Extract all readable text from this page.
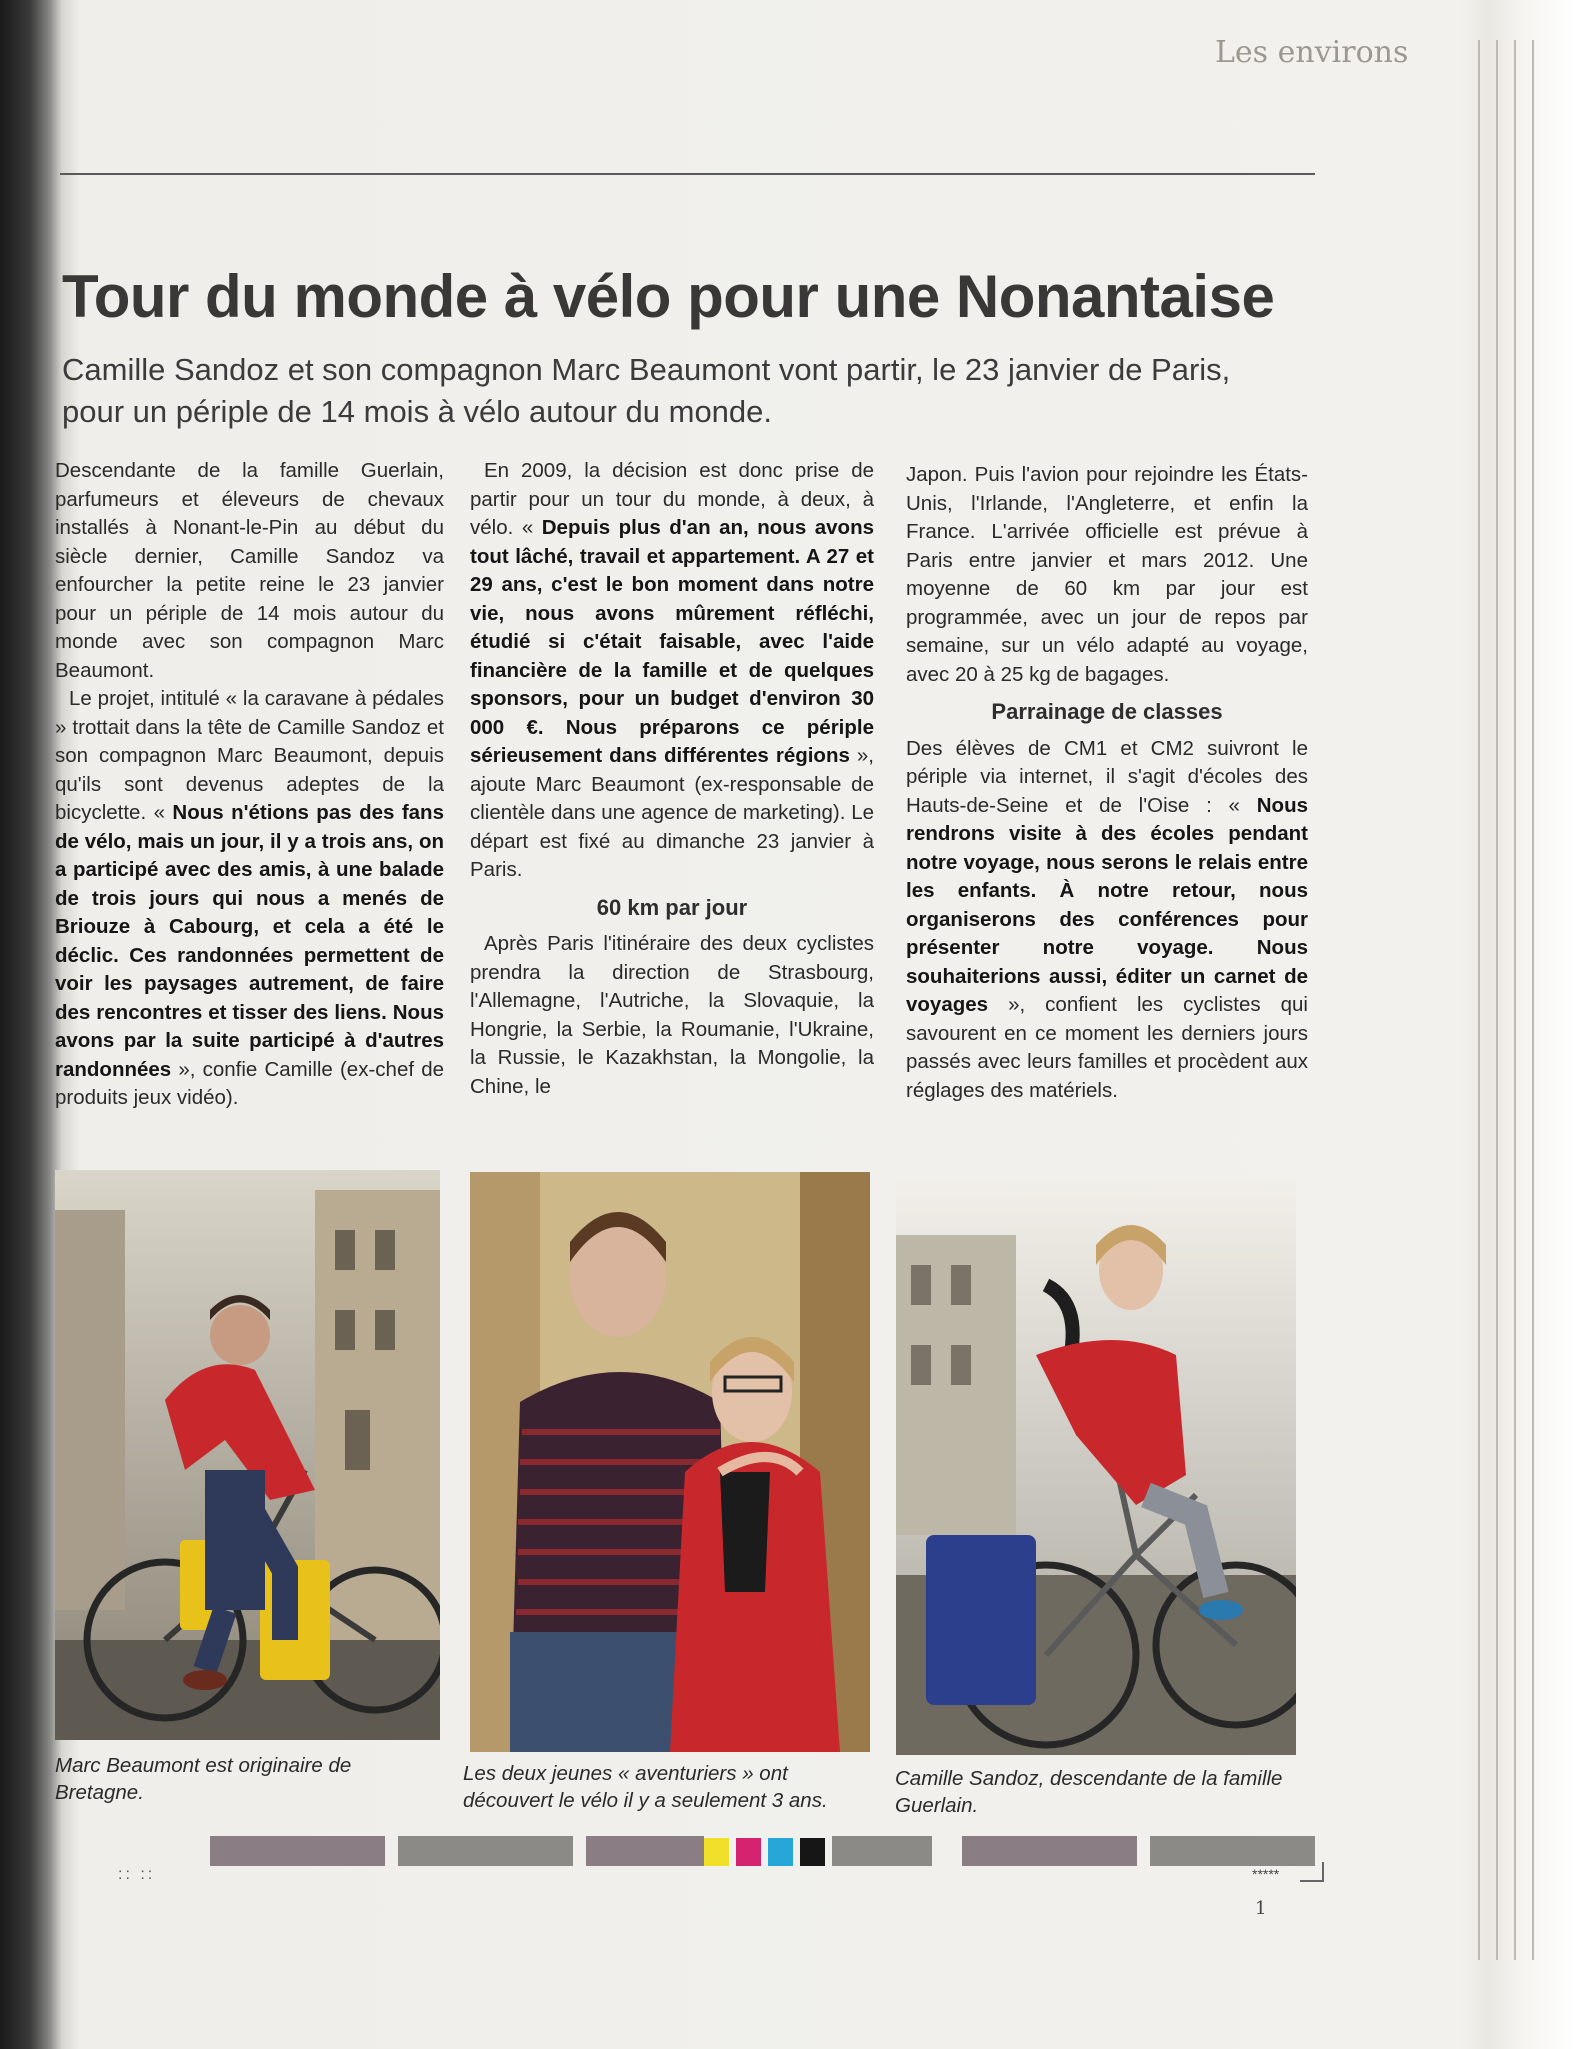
Les environs
Tour du monde à vélo pour une Nonantaise
Camille Sandoz et son compagnon Marc Beaumont vont partir, le 23 janvier de Paris, pour un périple de 14 mois à vélo autour du monde.

Descendante de la famille Guerlain, parfumeurs et éleveurs de chevaux installés à Nonant-le-Pin au début du siècle dernier, Camille Sandoz va enfourcher la petite reine le 23 janvier pour un périple de 14 mois autour du monde avec son compagnon Marc Beaumont.

Le projet, intitulé « la caravane à pédales » trottait dans la tête de Camille Sandoz et son compagnon Marc Beaumont, depuis qu'ils sont devenus adeptes de la bicyclette. « Nous n'étions pas des fans de vélo, mais un jour, il y a trois ans, on a participé avec des amis, à une balade de trois jours qui nous a menés de Briouze à Cabourg, et cela a été le déclic. Ces randonnées permettent de voir les paysages autrement, de faire des rencontres et tisser des liens. Nous avons par la suite participé à d'autres randonnées », confie Camille (ex-chef de produits jeux vidéo).

En 2009, la décision est donc prise de partir pour un tour du monde, à deux, à vélo. « Depuis plus d'an an, nous avons tout lâché, travail et appartement. A 27 et 29 ans, c'est le bon moment dans notre vie, nous avons mûrement réfléchi, étudié si c'était faisable, avec l'aide financière de la famille et de quelques sponsors, pour un budget d'environ 30 000 €. Nous préparons ce périple sérieusement dans différentes régions », ajoute Marc Beaumont (ex-responsable de clientèle dans une agence de marketing). Le départ est fixé au dimanche 23 janvier à Paris.

60 km par jour

Après Paris l'itinéraire des deux cyclistes prendra la direction de Strasbourg, l'Allemagne, l'Autriche, la Slovaquie, la Hongrie, la Serbie, la Roumanie, l'Ukraine, la Russie, le Kazakhstan, la Mongolie, la Chine, le

Japon. Puis l'avion pour rejoindre les États-Unis, l'Irlande, l'Angleterre, et enfin la France. L'arrivée officielle est prévue à Paris entre janvier et mars 2012. Une moyenne de 60 km par jour est programmée, avec un jour de repos par semaine, sur un vélo adapté au voyage, avec 20 à 25 kg de bagages.

Parrainage de classes

Des élèves de CM1 et CM2 suivront le périple via internet, il s'agit d'écoles des Hauts-de-Seine et de l'Oise : « Nous rendrons visite à des écoles pendant notre voyage, nous serons le relais entre les enfants. À notre retour, nous organiserons des conférences pour présenter notre voyage. Nous souhaiterions aussi, éditer un carnet de voyages », confient les cyclistes qui savourent en ce moment les derniers jours passés avec leurs familles et procèdent aux réglages des matériels.

Marc Beaumont est originaire de Bretagne.
Les deux jeunes « aventuriers » ont découvert le vélo il y a seulement 3 ans.
Camille Sandoz, descendante de la famille Guerlain.
:: ::	*****
1
